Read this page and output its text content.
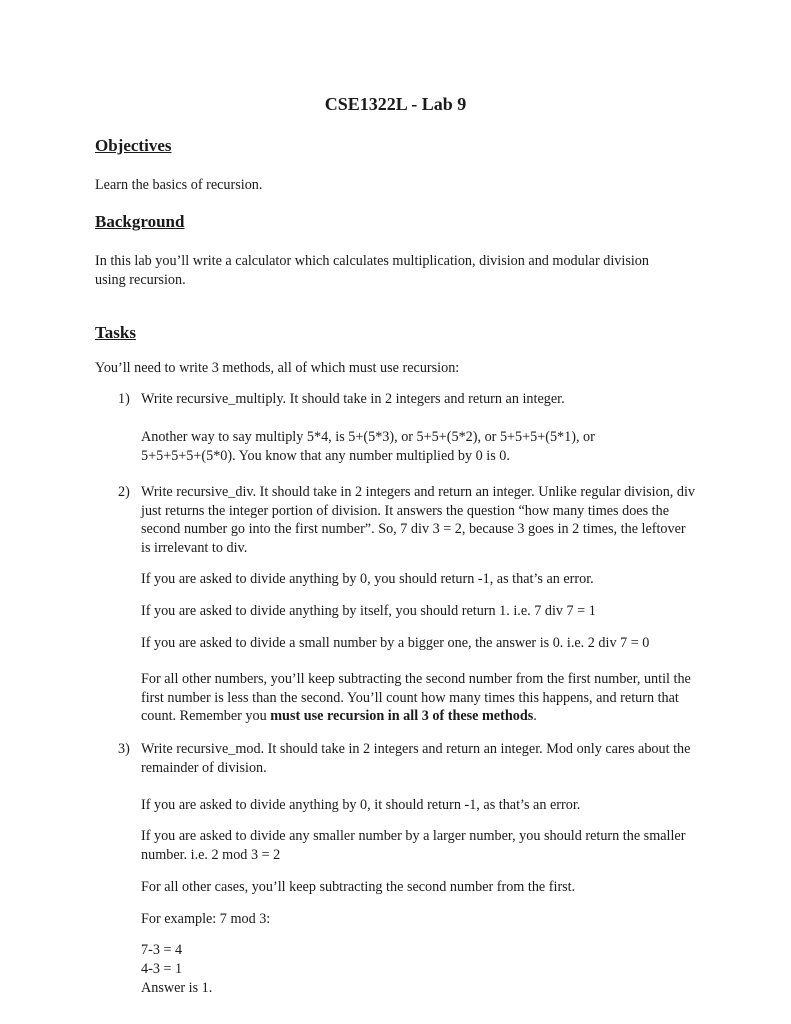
CSE1322L - Lab 9
Objectives

Learn the basics of recursion.

Background

In this lab you’ll write a calculator which calculates multiplication, division and modular division using recursion.

Tasks

You’ll need to write 3 methods, all of which must use recursion:

1) Write recursive_multiply. It should take in 2 integers and return an integer.

Another way to say multiply 5*4, is 5+(5*3), or 5+5+(5*2), or 5+5+5+(5*1), or 5+5+5+5+(5*0). You know that any number multiplied by 0 is 0.

2) Write recursive_div. It should take in 2 integers and return an integer. Unlike regular division, div just returns the integer portion of division. It answers the question “how many times does the second number go into the first number”. So, 7 div 3 = 2, because 3 goes in 2 times, the leftover is irrelevant to div.

If you are asked to divide anything by 0, you should return -1, as that’s an error.

If you are asked to divide anything by itself, you should return 1. i.e. 7 div 7 = 1

If you are asked to divide a small number by a bigger one, the answer is 0. i.e. 2 div 7 = 0

For all other numbers, you’ll keep subtracting the second number from the first number, until the first number is less than the second. You’ll count how many times this happens, and return that count. Remember you must use recursion in all 3 of these methods.

3) Write recursive_mod. It should take in 2 integers and return an integer. Mod only cares about the remainder of division.

If you are asked to divide anything by 0, it should return -1, as that’s an error.

If you are asked to divide any smaller number by a larger number, you should return the smaller number. i.e. 2 mod 3 = 2

For all other cases, you’ll keep subtracting the second number from the first.

For example: 7 mod 3:

7-3 = 4
4-3 = 1
Answer is 1.
